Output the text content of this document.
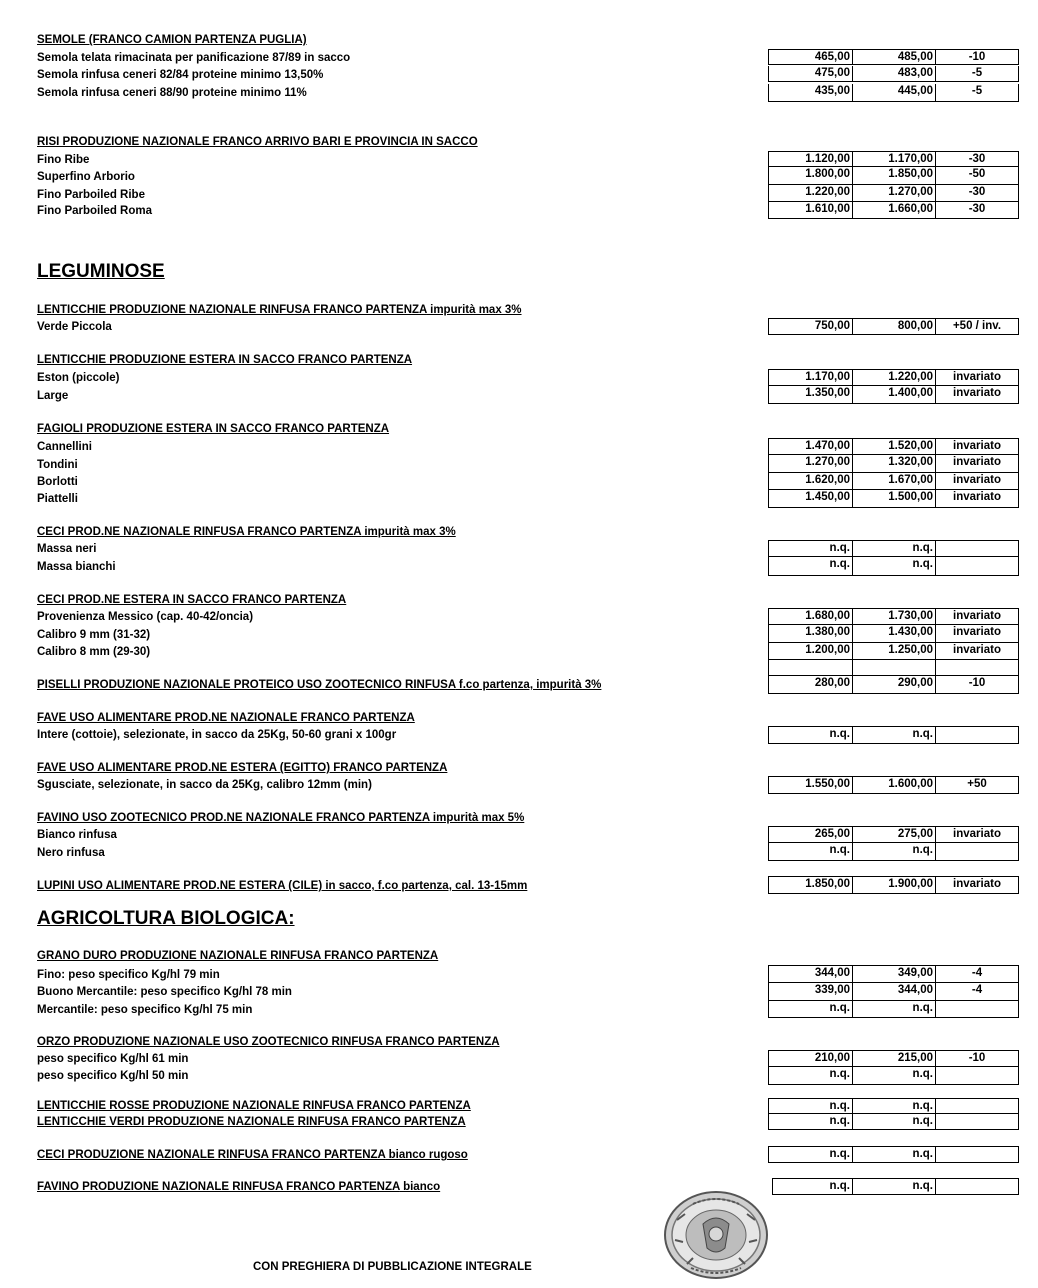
SEMOLE (FRANCO CAMION PARTENZA PUGLIA)
Semola telata rimacinata per panificazione 87/89 in sacco	465,00	485,00	-10
Semola rinfusa ceneri 82/84 proteine minimo 13,50%	475,00	483,00	-5
Semola rinfusa ceneri 88/90 proteine minimo 11%	435,00	445,00	-5
RISI PRODUZIONE NAZIONALE FRANCO ARRIVO BARI E PROVINCIA IN SACCO
Fino Ribe	1.120,00	1.170,00	-30
Superfino Arborio	1.800,00	1.850,00	-50
Fino Parboiled Ribe	1.220,00	1.270,00	-30
Fino Parboiled Roma	1.610,00	1.660,00	-30
LEGUMINOSE
LENTICCHIE PRODUZIONE NAZIONALE RINFUSA FRANCO PARTENZA impurità max 3%
Verde Piccola	750,00	800,00	+50 / inv.
LENTICCHIE PRODUZIONE ESTERA IN SACCO FRANCO PARTENZA
Eston (piccole)	1.170,00	1.220,00	invariato
Large	1.350,00	1.400,00	invariato
FAGIOLI PRODUZIONE ESTERA IN SACCO FRANCO PARTENZA
Cannellini	1.470,00	1.520,00	invariato
Tondini	1.270,00	1.320,00	invariato
Borlotti	1.620,00	1.670,00	invariato
Piattelli	1.450,00	1.500,00	invariato
CECI PROD.NE NAZIONALE RINFUSA FRANCO PARTENZA impurità max 3%
Massa neri	n.q.	n.q.
Massa bianchi	n.q.	n.q.
CECI PROD.NE ESTERA IN SACCO FRANCO PARTENZA
Provenienza Messico (cap. 40-42/oncia)	1.680,00	1.730,00	invariato
Calibro 9 mm (31-32)	1.380,00	1.430,00	invariato
Calibro 8 mm (29-30)	1.200,00	1.250,00	invariato
PISELLI PRODUZIONE NAZIONALE PROTEICO USO ZOOTECNICO RINFUSA f.co partenza, impurità 3%	280,00	290,00	-10
FAVE USO ALIMENTARE PROD.NE NAZIONALE FRANCO PARTENZA
Intere (cottoie), selezionate, in sacco da 25Kg, 50-60 grani x 100gr	n.q.	n.q.
FAVE USO ALIMENTARE PROD.NE ESTERA (EGITTO) FRANCO PARTENZA
Sgusciate, selezionate, in sacco da 25Kg, calibro 12mm (min)	1.550,00	1.600,00	+50
FAVINO USO ZOOTECNICO PROD.NE NAZIONALE FRANCO PARTENZA impurità max 5%
Bianco rinfusa	265,00	275,00	invariato
Nero rinfusa	n.q.	n.q.
LUPINI USO ALIMENTARE PROD.NE ESTERA (CILE) in sacco, f.co partenza, cal. 13-15mm	1.850,00	1.900,00	invariato
AGRICOLTURA BIOLOGICA:
GRANO DURO PRODUZIONE NAZIONALE RINFUSA FRANCO PARTENZA
Fino: peso specifico Kg/hl 79 min	344,00	349,00	-4
Buono Mercantile: peso specifico Kg/hl 78 min	339,00	344,00	-4
Mercantile: peso specifico Kg/hl 75 min	n.q.	n.q.
ORZO PRODUZIONE NAZIONALE USO ZOOTECNICO RINFUSA FRANCO PARTENZA
peso specifico Kg/hl 61 min	210,00	215,00	-10
peso specifico Kg/hl 50 min	n.q.	n.q.
LENTICCHIE ROSSE PRODUZIONE NAZIONALE RINFUSA FRANCO PARTENZA	n.q.	n.q.
LENTICCHIE VERDI PRODUZIONE NAZIONALE RINFUSA FRANCO PARTENZA	n.q.	n.q.
CECI PRODUZIONE NAZIONALE RINFUSA FRANCO PARTENZA bianco rugoso	n.q.	n.q.
FAVINO PRODUZIONE NAZIONALE RINFUSA FRANCO PARTENZA bianco	n.q.	n.q.
CON PREGHIERA DI PUBBLICAZIONE INTEGRALE
